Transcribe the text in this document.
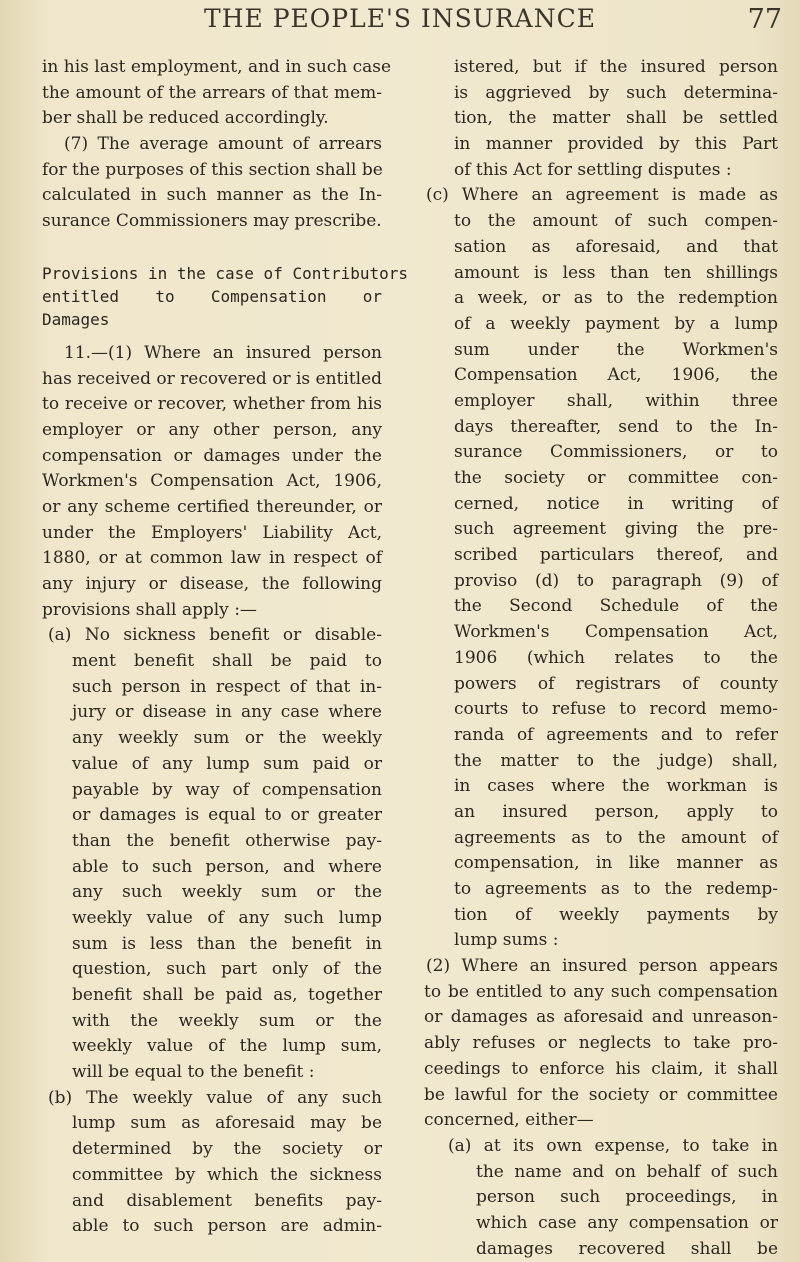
THE PEOPLE'S INSURANCE	77
in his last employment, and in such case
the amount of the arrears of that mem-
ber shall be reduced accordingly.
(7) The average amount of arrears
for the purposes of this section shall be
calculated in such manner as the In-
surance Commissioners may prescribe.
Provisions in the case of Contributors
entitled to Compensation or
Damages
11.—(1) Where an insured person
has received or recovered or is entitled
to receive or recover, whether from his
employer or any other person, any
compensation or damages under the
Workmen's Compensation Act, 1906,
or any scheme certified thereunder, or
under the Employers' Liability Act,
1880, or at common law in respect of
any injury or disease, the following
provisions shall apply :—
(a) No sickness benefit or disable-
ment benefit shall be paid to
such person in respect of that in-
jury or disease in any case where
any weekly sum or the weekly
value of any lump sum paid or
payable by way of compensation
or damages is equal to or greater
than the benefit otherwise pay-
able to such person, and where
any such weekly sum or the
weekly value of any such lump
sum is less than the benefit in
question, such part only of the
benefit shall be paid as, together
with the weekly sum or the
weekly value of the lump sum,
will be equal to the benefit :
(b) The weekly value of any such
lump sum as aforesaid may be
determined by the society or
committee by which the sickness
and disablement benefits pay-
able to such person are admin-
istered, but if the insured person
is aggrieved by such determina-
tion, the matter shall be settled
in manner provided by this Part
of this Act for settling disputes :
(c) Where an agreement is made as
to the amount of such compen-
sation as aforesaid, and that
amount is less than ten shillings
a week, or as to the redemption
of a weekly payment by a lump
sum under the Workmen's
Compensation Act, 1906, the
employer shall, within three
days thereafter, send to the In-
surance Commissioners, or to
the society or committee con-
cerned, notice in writing of
such agreement giving the pre-
scribed particulars thereof, and
proviso (d) to paragraph (9) of
the Second Schedule of the
Workmen's Compensation Act,
1906 (which relates to the
powers of registrars of county
courts to refuse to record memo-
randa of agreements and to refer
the matter to the judge) shall,
in cases where the workman is
an insured person, apply to
agreements as to the amount of
compensation, in like manner as
to agreements as to the redemp-
tion of weekly payments by
lump sums :
(2) Where an insured person appears
to be entitled to any such compensation
or damages as aforesaid and unreason-
ably refuses or neglects to take pro-
ceedings to enforce his claim, it shall
be lawful for the society or committee
concerned, either—
(a) at its own expense, to take in
the name and on behalf of such
person such proceedings, in
which case any compensation or
damages recovered shall be
